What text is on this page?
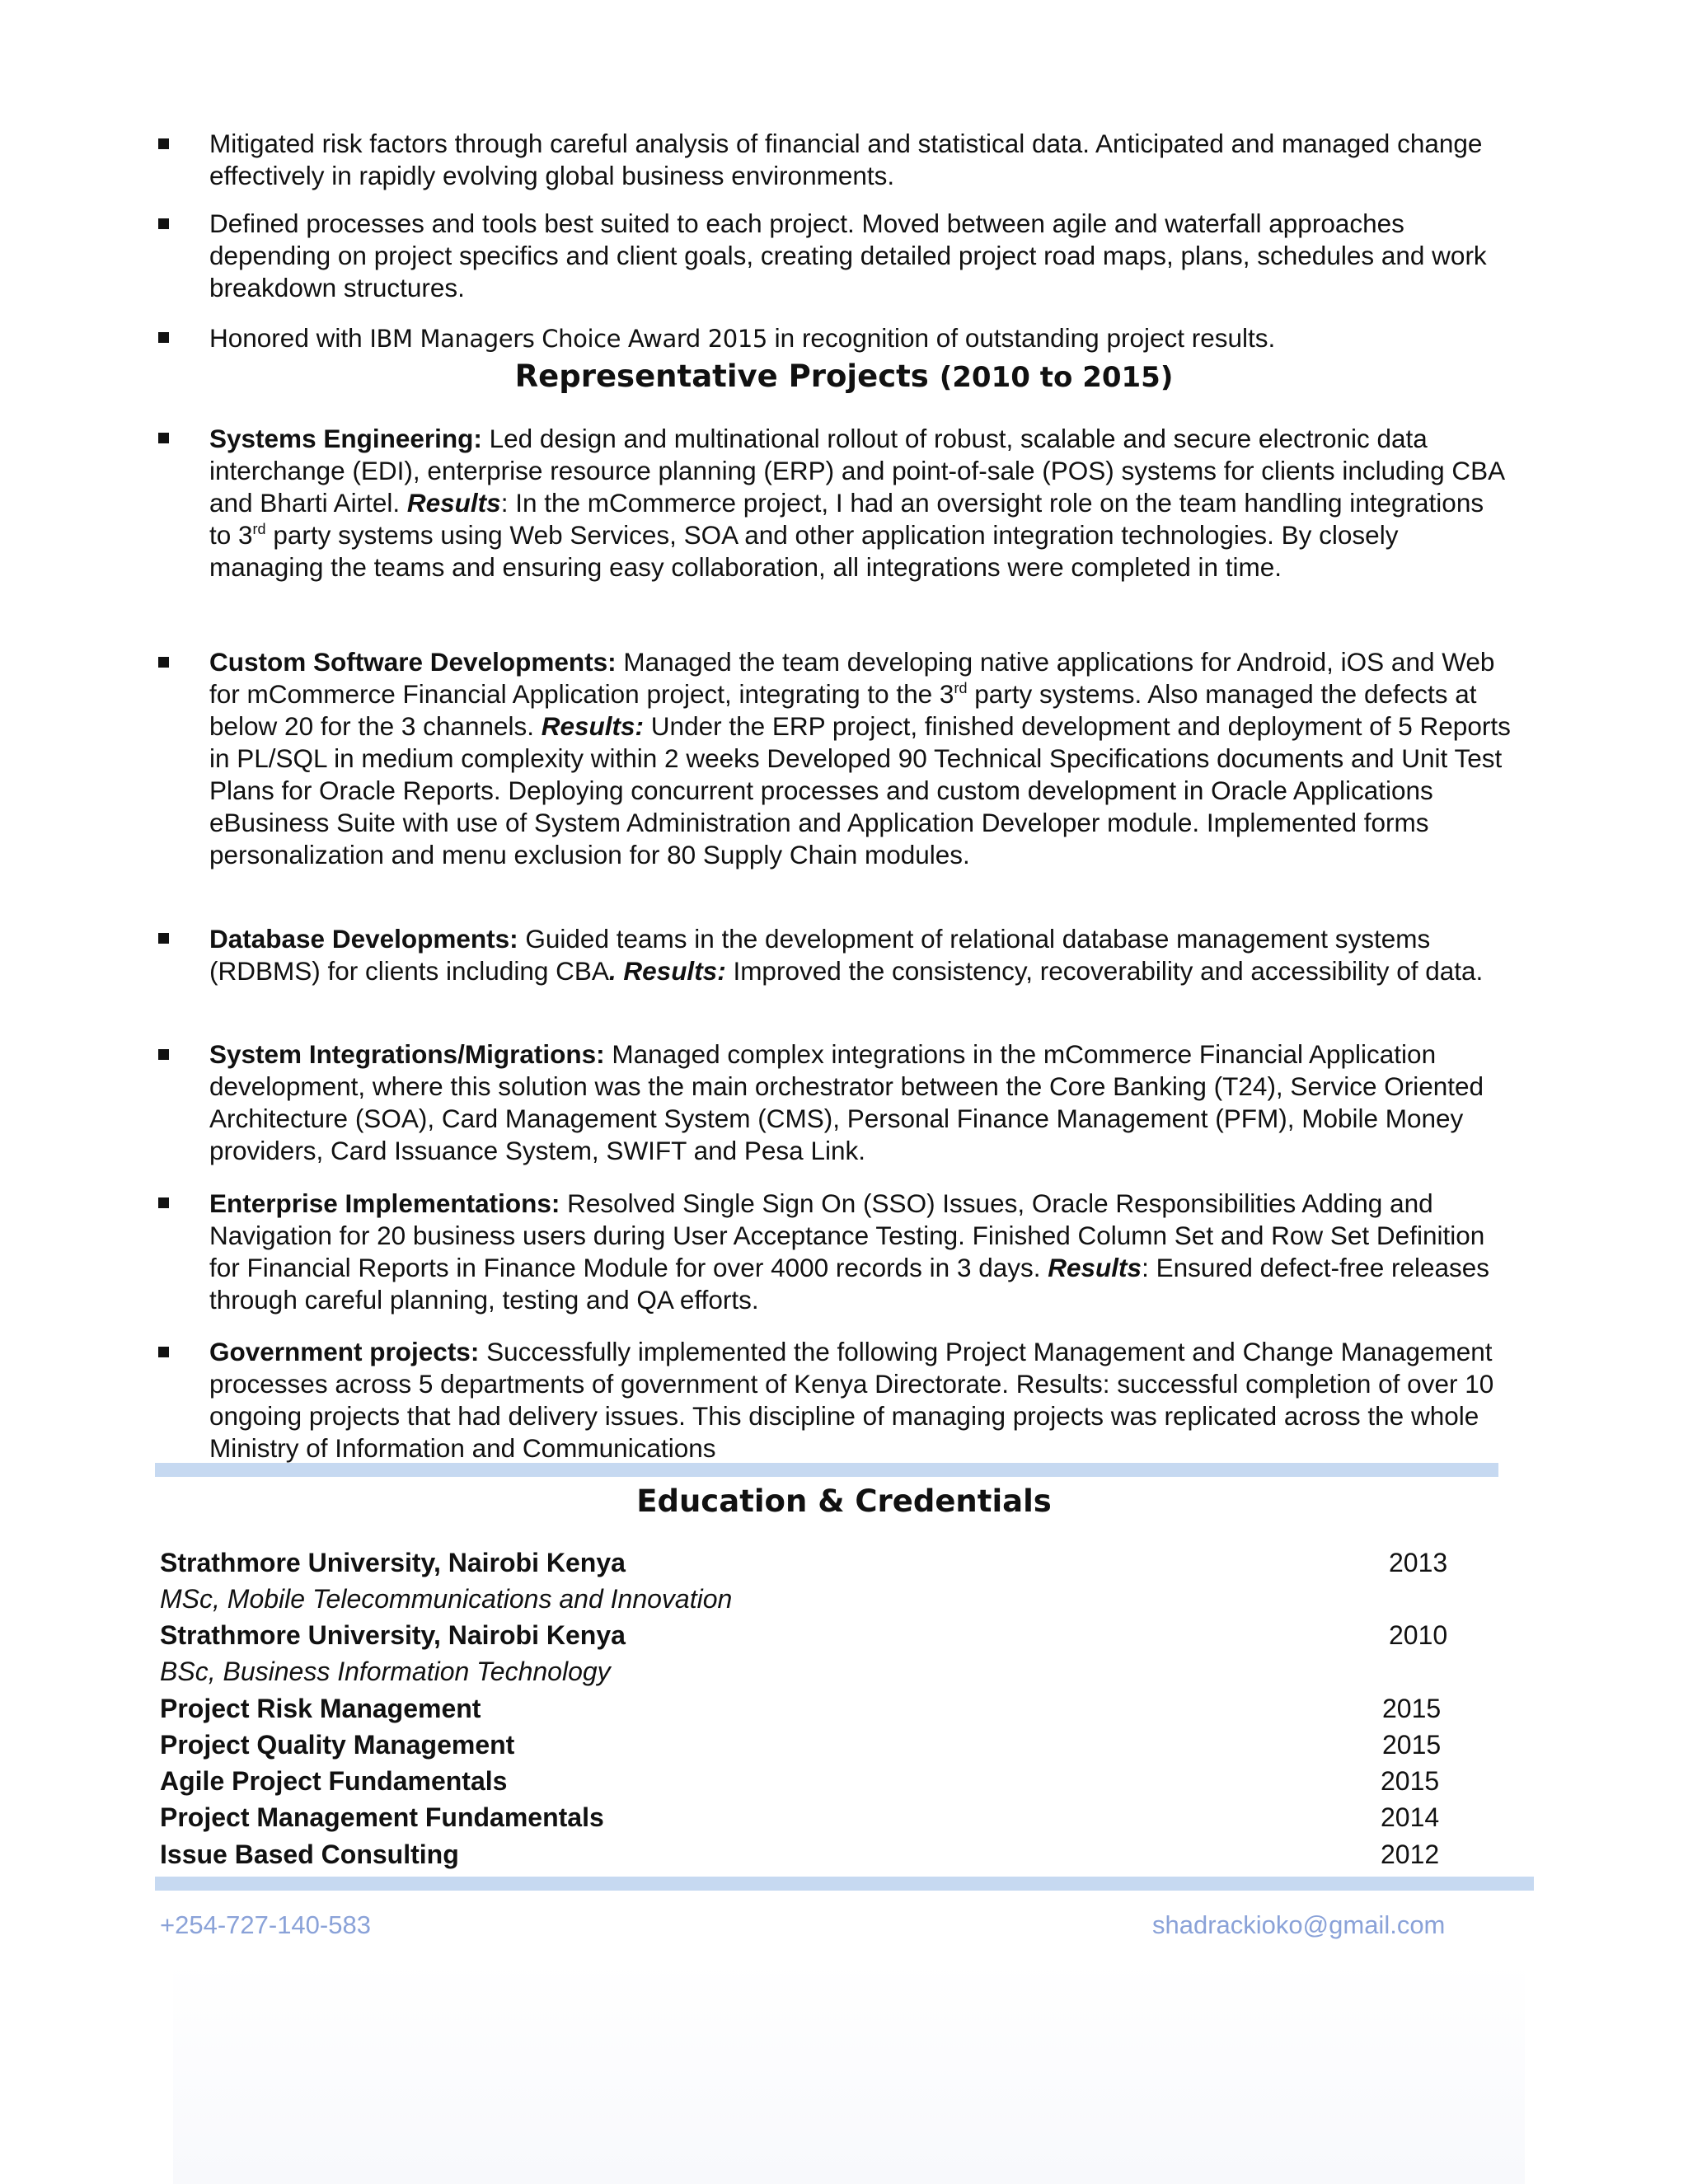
Mitigated risk factors through careful analysis of financial and statistical data. Anticipated and managed change effectively in rapidly evolving global business environments.
Defined processes and tools best suited to each project. Moved between agile and waterfall approaches depending on project specifics and client goals, creating detailed project road maps, plans, schedules and work breakdown structures.
Honored with IBM Managers Choice Award 2015 in recognition of outstanding project results.
Representative Projects (2010 to 2015)
Systems Engineering: Led design and multinational rollout of robust, scalable and secure electronic data interchange (EDI), enterprise resource planning (ERP) and point-of-sale (POS) systems for clients including CBA and Bharti Airtel. Results: In the mCommerce project, I had an oversight role on the team handling integrations to 3rd party systems using Web Services, SOA and other application integration technologies. By closely managing the teams and ensuring easy collaboration, all integrations were completed in time.
Custom Software Developments: Managed the team developing native applications for Android, iOS and Web for mCommerce Financial Application project, integrating to the 3rd party systems. Also managed the defects at below 20 for the 3 channels. Results: Under the ERP project, finished development and deployment of 5 Reports in PL/SQL in medium complexity within 2 weeks Developed 90 Technical Specifications documents and Unit Test Plans for Oracle Reports. Deploying concurrent processes and custom development in Oracle Applications eBusiness Suite with use of System Administration and Application Developer module. Implemented forms personalization and menu exclusion for 80 Supply Chain modules.
Database Developments: Guided teams in the development of relational database management systems (RDBMS) for clients including CBA. Results: Improved the consistency, recoverability and accessibility of data.
System Integrations/Migrations: Managed complex integrations in the mCommerce Financial Application development, where this solution was the main orchestrator between the Core Banking (T24), Service Oriented Architecture (SOA), Card Management System (CMS), Personal Finance Management (PFM), Mobile Money providers, Card Issuance System, SWIFT and Pesa Link.
Enterprise Implementations: Resolved Single Sign On (SSO) Issues, Oracle Responsibilities Adding and Navigation for 20 business users during User Acceptance Testing. Finished Column Set and Row Set Definition for Financial Reports in Finance Module for over 4000 records in 3 days. Results: Ensured defect-free releases through careful planning, testing and QA efforts.
Government projects: Successfully implemented the following Project Management and Change Management processes across 5 departments of government of Kenya Directorate. Results: successful completion of over 10 ongoing projects that had delivery issues. This discipline of managing projects was replicated across the whole Ministry of Information and Communications
Education & Credentials
Strathmore University, Nairobi Kenya	2013
MSc, Mobile Telecommunications and Innovation
Strathmore University, Nairobi Kenya	2010
BSc, Business Information Technology
Project Risk Management	2015
Project Quality Management	2015
Agile Project Fundamentals	2015
Project Management Fundamentals	2014
Issue Based Consulting	2012
+254-727-140-583	shadrackioko@gmail.com
